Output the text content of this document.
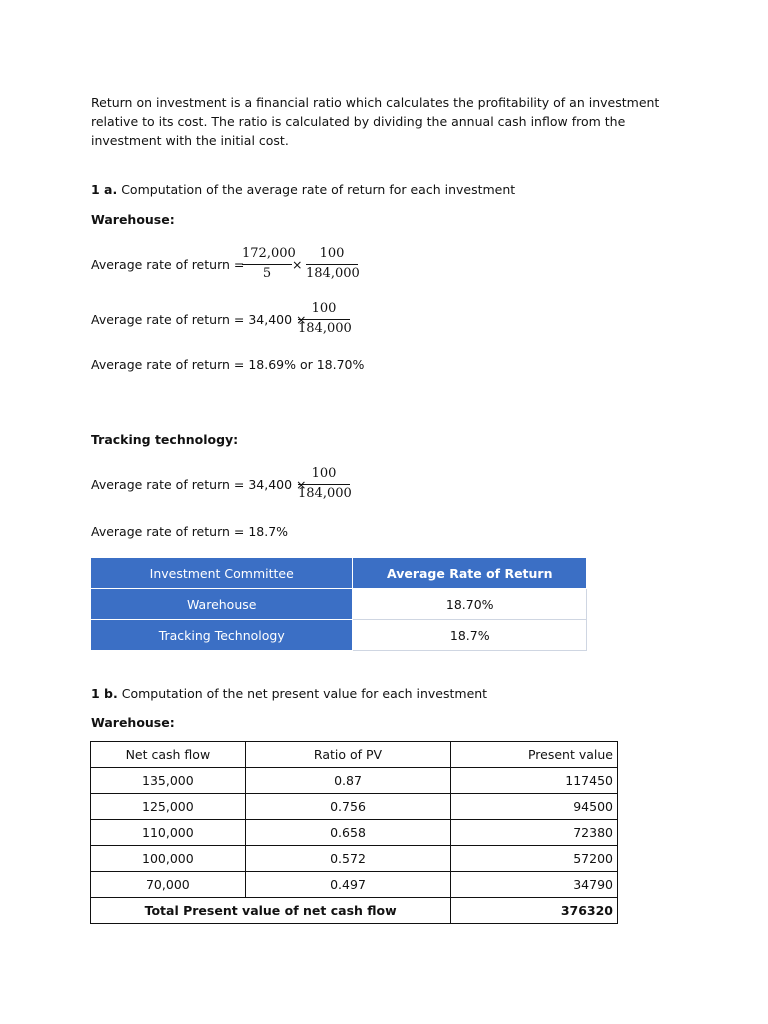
Return on investment is a financial ratio which calculates the profitability of an investment relative to its cost. The ratio is calculated by dividing the annual cash inflow from the investment with the initial cost.
1 a. Computation of the average rate of return for each investment
Warehouse:
Average rate of return =
172,000
5
×
100
184,000
Average rate of return = 34,400 ×
100
184,000
Average rate of return = 18.69% or 18.70%
Tracking technology:
Average rate of return = 34,400 ×
100
184,000
Average rate of return = 18.7%
Investment Committee	Average Rate of Return
Warehouse	18.70%
Tracking Technology	18.7%
1 b. Computation of the net present value for each investment
Warehouse:
Net cash flow	Ratio of PV	Present value
135,000	0.87	117450
125,000	0.756	94500
110,000	0.658	72380
100,000	0.572	57200
70,000	0.497	34790
Total Present value of net cash flow		376320
